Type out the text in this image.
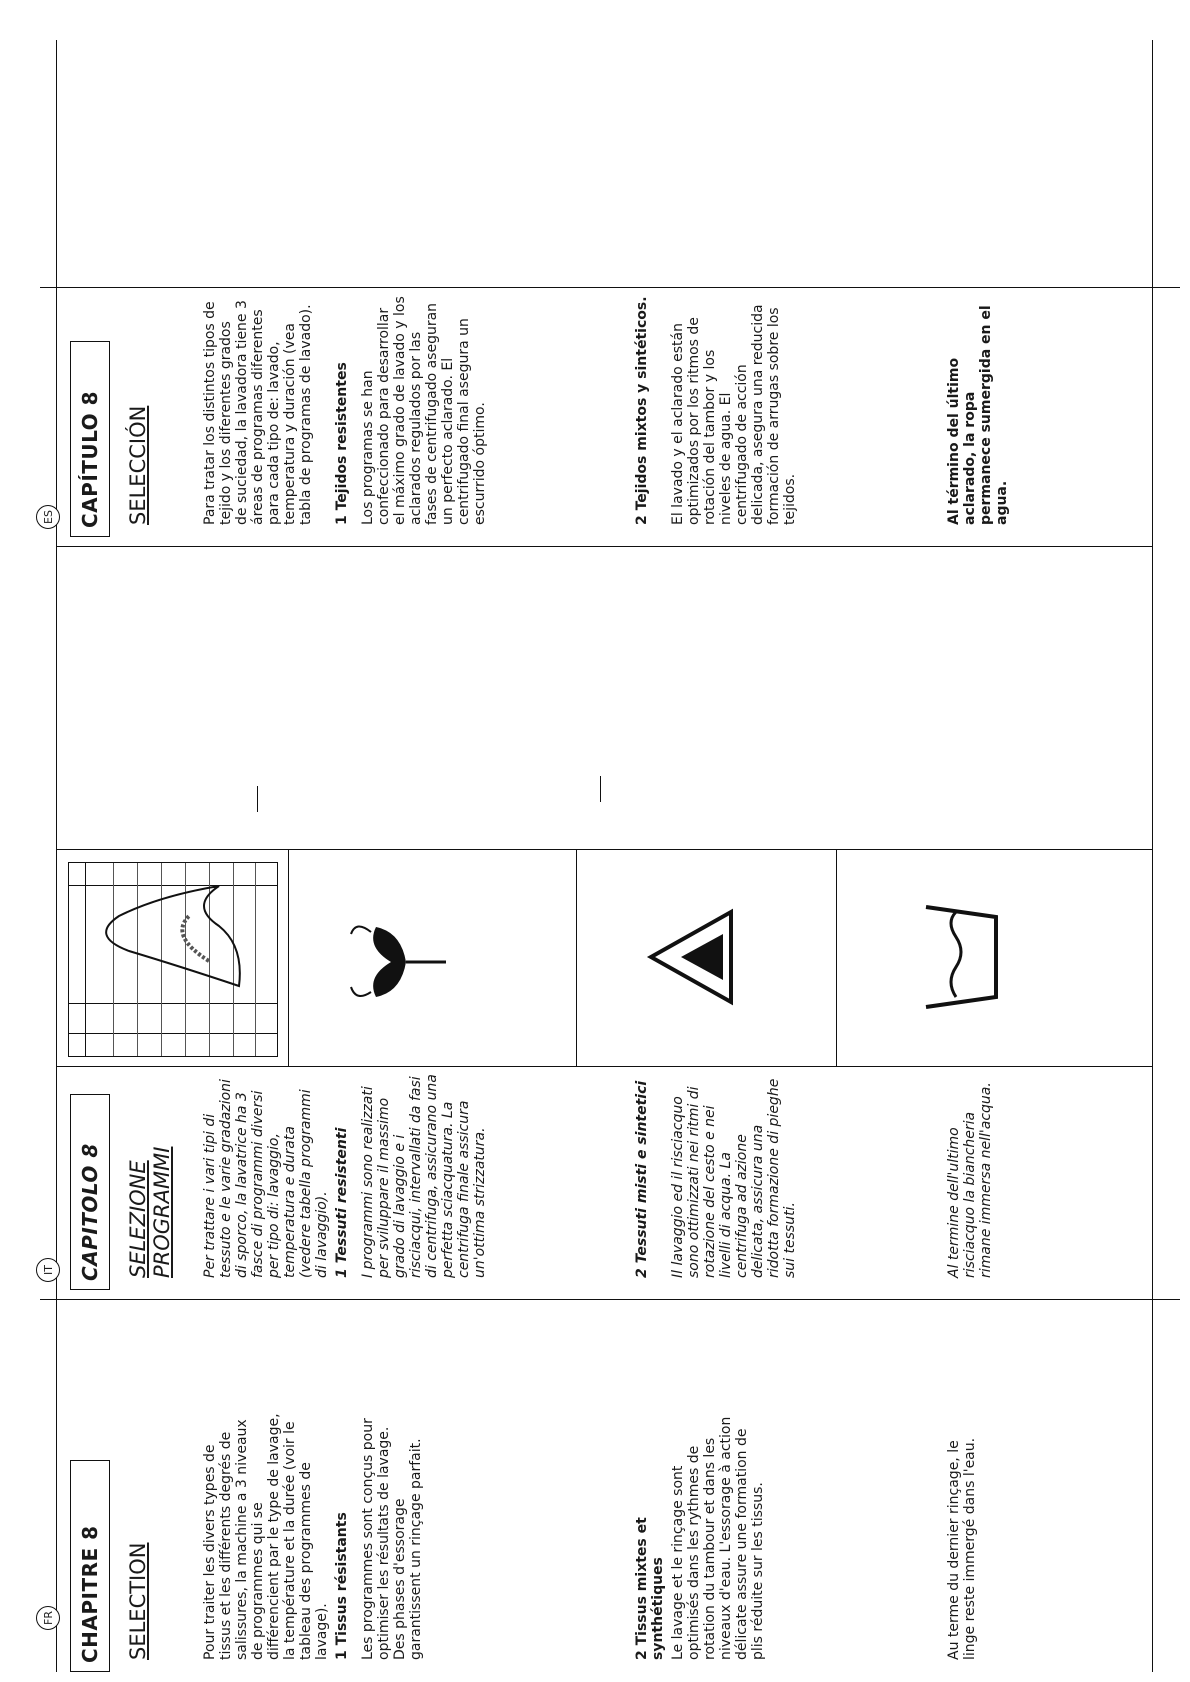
FR	CHAPITRE 8	SELECTION	Pour traiter les divers types de tissus et les différents degrés de salissures, la machine a 3 niveaux de programmes qui se différencient par le type de lavage, la température et la durée (voir le tableau des programmes de lavage). 1 Tissus résistants Les programmes sont conçus pour optimiser les résultats de lavage. Des phases d'essorage garantissent un rinçage parfait.	2 Tissus mixtes et synthétiques Le lavage et le rinçage sont optimisés dans les rythmes de rotation du tambour et dans les niveaux d'eau. L'essorage à action délicate assure une formation de plis réduite sur les tissus.	Au terme du dernier rinçage, le linge reste immergé dans l'eau.
IT	CAPITOLO 8	SELEZIONE PROGRAMMI Per trattare i vari tipi di tessuto e le varie gradazioni di sporco, la lavatrice ha 3 fasce di programmi diversi per tipo di: lavaggio, temperatura e durata (vedere tabella programmi di lavaggio). 1 Tessuti resistenti I programmi sono realizzati per sviluppare il massimo grado di lavaggio e i risciacqui, intervallati da fasi di centrifuga, assicurano una perfetta sciacquatura. La centrifuga finale assicura un'ottima strizzatura.	2 Tessuti misti e sintetici Il lavaggio ed il risciacquo sono ottimizzati nei ritmi di rotazione del cesto e nei livelli di acqua. La centrifuga ad azione delicata, assicura una ridotta formazione di pieghe sui tessuti.	Al termine dell'ultimo risciacquo la biancheria rimane immersa nell'acqua.
ES	CAPÍTULO 8	SELECCIÓN	Para tratar los distintos tipos de tejido y los diferentes grados de suciedad, la lavadora tiene 3 áreas de programas diferentes para cada tipo de: lavado, temperatura y duración (vea tabla de programas de lavado). 1 Tejidos resistentes Los programas se han confeccionado para desarrollar el máximo grado de lavado y los aclarados regulados por las fases de centrifugado aseguran un perfecto aclarado. El centrifugado final asegura un escurrido óptimo.	2 Tejidos mixtos y sintéticos. El lavado y el aclarado están optimizados por los ritmos de rotación del tambor y los niveles de agua. El centrifugado de acción delicada, asegura una reducida formación de arrugas sobre los tejidos.	Al término del último aclarado, la ropa permanece sumergida en el agua.
